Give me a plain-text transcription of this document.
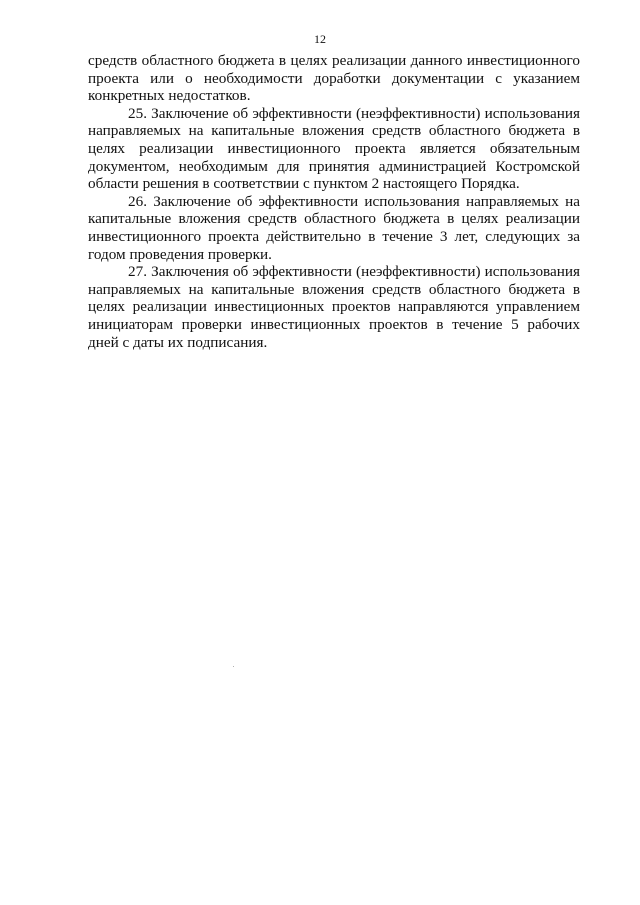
12

средств областного бюджета в целях реализации данного инвестиционного проекта или о необходимости доработки документации с указанием конкретных недостатков.

25. Заключение об эффективности (неэффективности) использования направляемых на капитальные вложения средств областного бюджета в целях реализации инвестиционного проекта является обязательным документом, необходимым для принятия администрацией Костромской области решения в соответствии с пунктом 2 настоящего Порядка.

26. Заключение об эффективности использования направляемых на капитальные вложения средств областного бюджета в целях реализации инвестиционного проекта действительно в течение 3 лет, следующих за годом проведения проверки.

27. Заключения об эффективности (неэффективности) использования направляемых на капитальные вложения средств областного бюджета в целях реализации инвестиционных проектов направляются управлением инициаторам проверки инвестиционных проектов в течение 5 рабочих дней с даты их подписания.
